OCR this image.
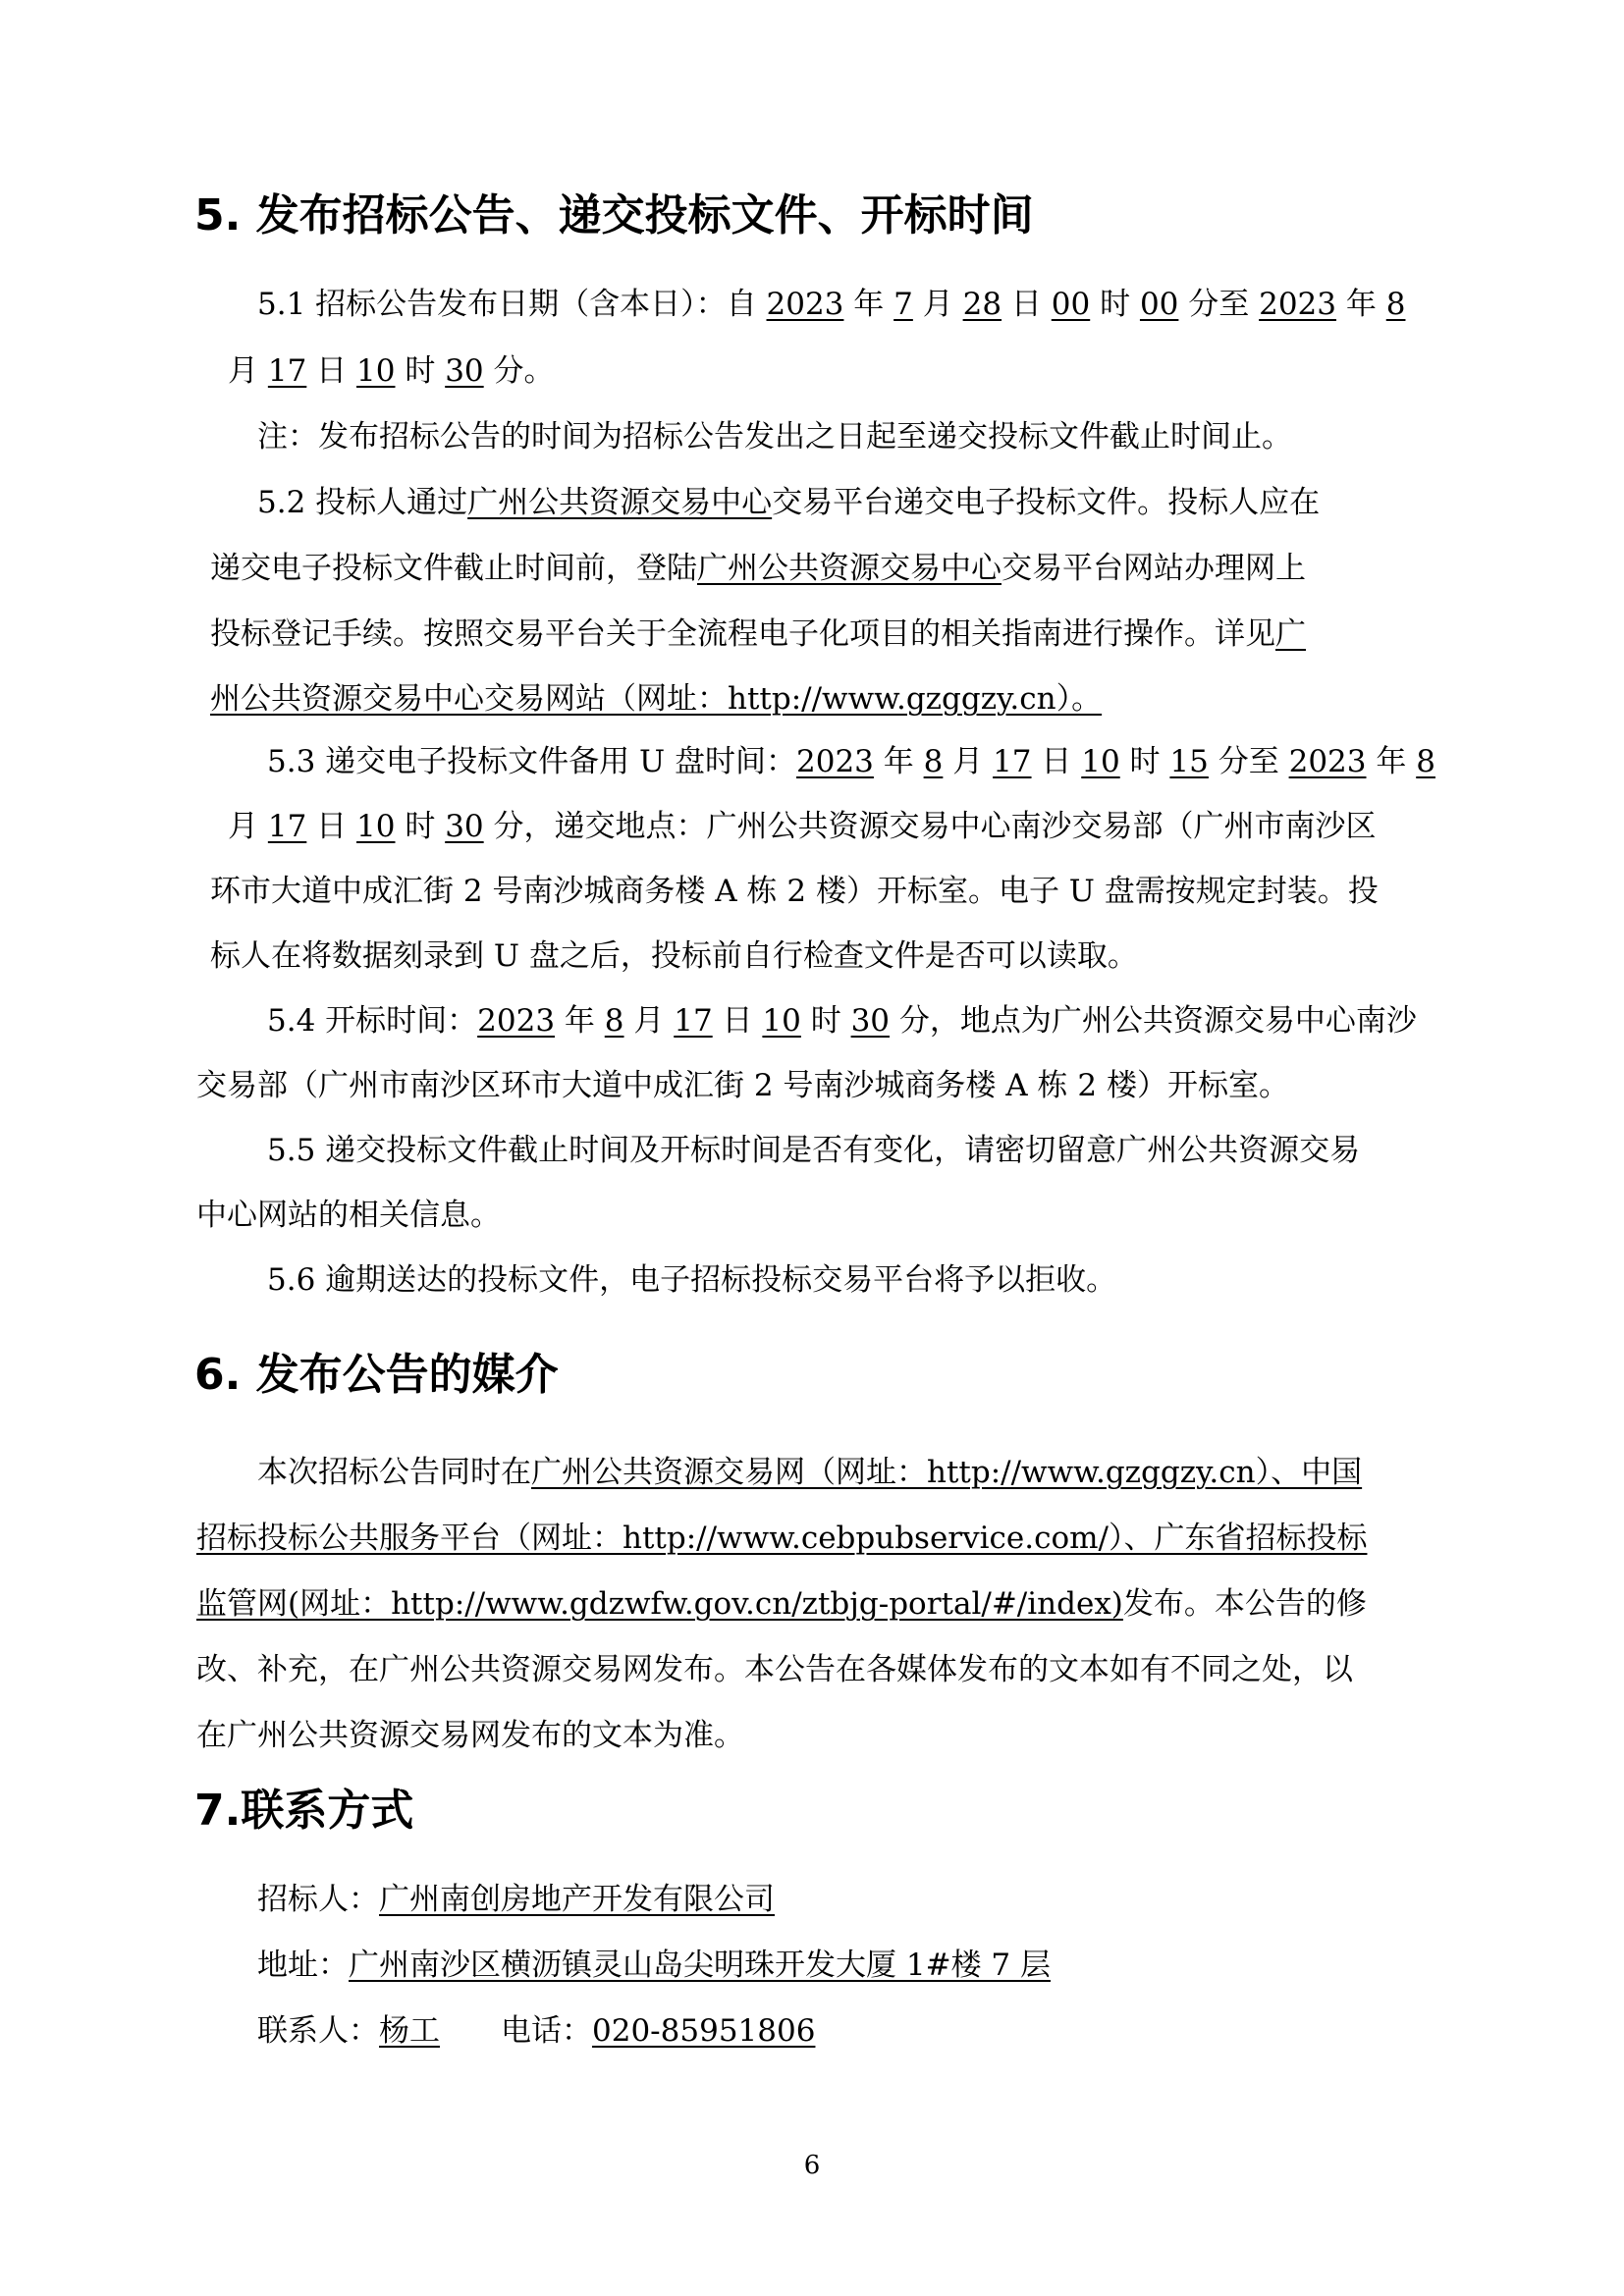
5. 发布招标公告、递交投标文件、开标时间

5.1 招标公告发布日期（含本日）：自 2023 年 7 月 28 日 00 时 00 分至 2023 年 8

月 17 日 10 时 30 分。

注：发布招标公告的时间为招标公告发出之日起至递交投标文件截止时间止。

5.2 投标人通过广州公共资源交易中心交易平台递交电子投标文件。投标人应在

递交电子投标文件截止时间前，登陆广州公共资源交易中心交易平台网站办理网上

投标登记手续。按照交易平台关于全流程电子化项目的相关指南进行操作。详见广

州公共资源交易中心交易网站（网址：http://www.gzggzy.cn）。

5.3 递交电子投标文件备用 U 盘时间：2023 年 8 月 17 日 10 时 15 分至 2023 年 8

月 17 日 10 时 30 分，递交地点：广州公共资源交易中心南沙交易部（广州市南沙区

环市大道中成汇街 2 号南沙城商务楼 A 栋 2 楼）开标室。电子 U 盘需按规定封装。投

标人在将数据刻录到 U 盘之后，投标前自行检查文件是否可以读取。

5.4 开标时间：2023 年 8 月 17 日 10 时 30 分，地点为广州公共资源交易中心南沙

交易部（广州市南沙区环市大道中成汇街 2 号南沙城商务楼 A 栋 2 楼）开标室。

5.5 递交投标文件截止时间及开标时间是否有变化，请密切留意广州公共资源交易

中心网站的相关信息。

5.6 逾期送达的投标文件，电子招标投标交易平台将予以拒收。

6. 发布公告的媒介

本次招标公告同时在广州公共资源交易网（网址：http://www.gzggzy.cn）、中国

招标投标公共服务平台（网址：http://www.cebpubservice.com/）、广东省招标投标

监管网(网址：http://www.gdzwfw.gov.cn/ztbjg-portal/#/index)发布。本公告的修

改、补充，在广州公共资源交易网发布。本公告在各媒体发布的文本如有不同之处，以

在广州公共资源交易网发布的文本为准。

7.联系方式

招标人：广州南创房地产开发有限公司

地址：广州南沙区横沥镇灵山岛尖明珠开发大厦 1#楼 7 层

联系人：杨工 电话：020-85951806

6
